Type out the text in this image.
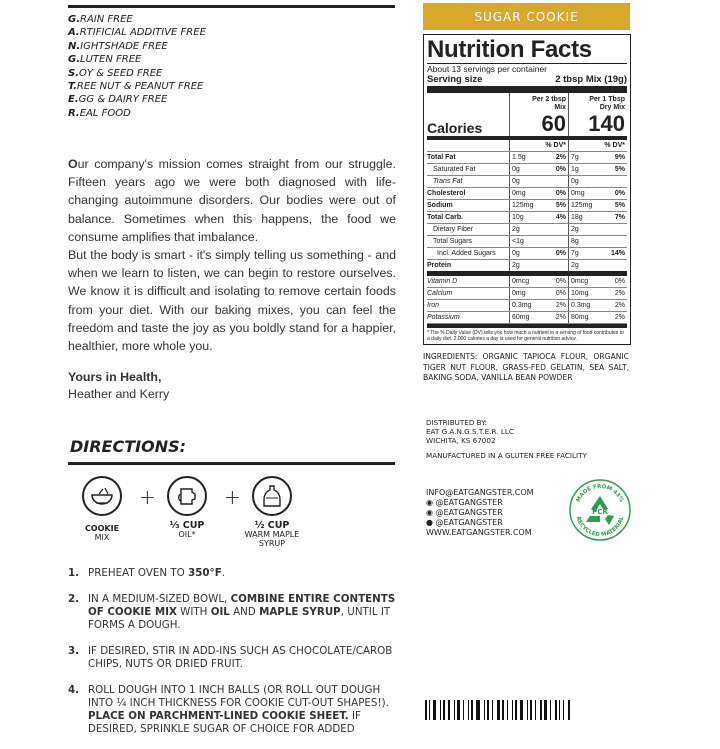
G.RAIN FREE
A.RTIFICIAL ADDITIVE FREE
N.IGHTSHADE FREE
G.LUTEN FREE
S.OY & SEED FREE
T.REE NUT & PEANUT FREE
E.GG & DAIRY FREE
R.EAL FOOD

Our company's mission comes straight from our struggle. Fifteen years ago we were both diagnosed with life-changing autoimmune disorders. Our bodies were out of balance. Sometimes when this happens, the food we consume amplifies that imbalance.

But the body is smart - it's simply telling us something - and when we learn to listen, we can begin to restore ourselves. We know it is difficult and isolating to remove certain foods from your diet. With our baking mixes, you can feel the freedom and taste the joy as you boldly stand for a happier, healthier, more whole you.

Yours in Health,
Heather and Kerry
DIRECTIONS:
+	+
COOKIE
MIX
⅓ CUP
OIL*
½ CUP
WARM MAPLE SYRUP
1. PREHEAT OVEN TO 350°F.
2. IN A MEDIUM-SIZED BOWL, COMBINE ENTIRE CONTENTS OF COOKIE MIX WITH OIL AND MAPLE SYRUP, UNTIL IT FORMS A DOUGH.
3. IF DESIRED, STIR IN ADD-INS SUCH AS CHOCOLATE/CAROB CHIPS, NUTS OR DRIED FRUIT.
4. ROLL DOUGH INTO 1 INCH BALLS (OR ROLL OUT DOUGH INTO ¼ INCH THICKNESS FOR COOKIE CUT-OUT SHAPES!). PLACE ON PARCHMENT-LINED COOKIE SHEET. IF DESIRED, SPRINKLE SUGAR OF CHOICE FOR ADDED
SUGAR COOKIE
Nutrition Facts
About 13 servings per container
Serving size	2 tbsp Mix (19g)
Calories
Per 2 tbsp Mix
60
Per 1 Tbsp Dry Mix
140
% DV*	% DV*
Total Fat	1.5g	2% 7g	9%
Saturated Fat	0g	0% 1g	5%
Trans Fat	0g	0g
Cholesterol	0mg	0% 0mg	0%
Sodium	125mg	5% 125mg	5%
Total Carb.	10g	4% 18g	7%
Dietary Fiber	2g	2g
Total Sugars	<1g	8g
Incl. Added Sugars	0g	0% 7g	14%
Protein	2g	2g
Vitamin D	0mcg	0% 0mcg	0%
Calcium	0mg	0% 10mg	2%
Iron	0.3mg	2% 0.3mg	2%
Potassium	60mg	2% 80mg	2%
* The % Daily Value (DV) tells you how much a nutrient in a serving of food contributes to a daily diet. 2,000 calories a day is used for general nutrition advice.
INGREDIENTS: ORGANIC TAPIOCA FLOUR, ORGANIC TIGER NUT FLOUR, GRASS-FED GELATIN, SEA SALT, BAKING SODA, VANILLA BEAN POWDER
DISTRIBUTED BY:
EAT G.A.N.G.S.T.E.R. LLC
WICHITA, KS 67002
MANUFACTURED IN A GLUTEN FREE FACILITY
INFO@EATGANGSTER.COM
◉ @EATGANGSTER
◉ @EATGANGSTER
● @EATGANGSTER
WWW.EATGANGSTER.COM
MADE FROM 43%
RECYCLED MATERIAL
PCR
